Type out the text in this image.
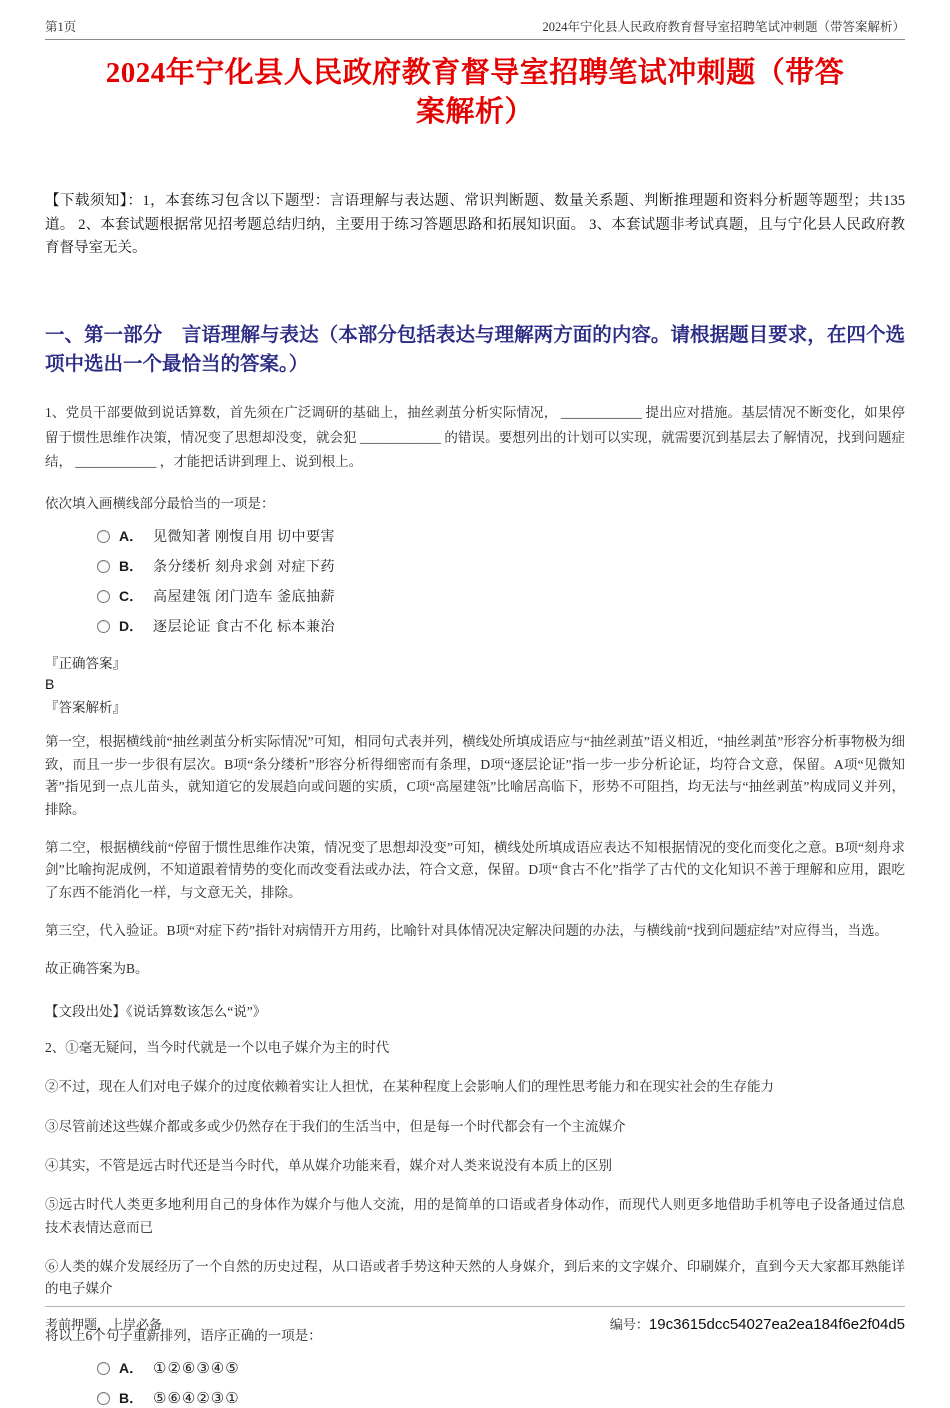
第1页	2024年宁化县人民政府教育督导室招聘笔试冲刺题（带答案解析）
2024年宁化县人民政府教育督导室招聘笔试冲刺题（带答案解析）
【下载须知】：1，本套练习包含以下题型：言语理解与表达题、常识判断题、数量关系题、判断推理题和资料分析题等题型；共135道。 2、本套试题根据常见招考题总结归纳，主要用于练习答题思路和拓展知识面。 3、本套试题非考试真题，且与宁化县人民政府教育督导室无关。
一、第一部分　言语理解与表达（本部分包括表达与理解两方面的内容。请根据题目要求，在四个选项中选出一个最恰当的答案。）
1、党员干部要做到说话算数，首先须在广泛调研的基础上，抽丝剥茧分析实际情况， ____________ 提出应对措施。基层情况不断变化，如果停留于惯性思维作决策，情况变了思想却没变，就会犯 ____________ 的错误。要想列出的计划可以实现，就需要沉到基层去了解情况，找到问题症结， ____________ ，才能把话讲到理上、说到根上。
依次填入画横线部分最恰当的一项是：
A． 见微知著 刚愎自用 切中要害
B． 条分缕析 刻舟求剑 对症下药
C． 高屋建瓴 闭门造车 釜底抽薪
D． 逐层论证 食古不化 标本兼治
『正确答案』
B
『答案解析』
第一空，根据横线前“抽丝剥茧分析实际情况”可知，相同句式表并列，横线处所填成语应与“抽丝剥茧”语义相近，“抽丝剥茧”形容分析事物极为细致，而且一步一步很有层次。B项“条分缕析”形容分析得细密而有条理，D项“逐层论证”指一步一步分析论证，均符合文意，保留。A项“见微知著”指见到一点儿苗头，就知道它的发展趋向或问题的实质，C项“高屋建瓴”比喻居高临下，形势不可阻挡，均无法与“抽丝剥茧”构成同义并列，排除。
第二空，根据横线前“停留于惯性思维作决策，情况变了思想却没变”可知，横线处所填成语应表达不知根据情况的变化而变化之意。B项“刻舟求剑”比喻拘泥成例，不知道跟着情势的变化而改变看法或办法，符合文意，保留。D项“食古不化”指学了古代的文化知识不善于理解和应用，跟吃了东西不能消化一样，与文意无关，排除。
第三空，代入验证。B项“对症下药”指针对病情开方用药，比喻针对具体情况决定解决问题的办法，与横线前“找到问题症结”对应得当，当选。
故正确答案为B。
【文段出处】《说话算数该怎么“说”》
2、①毫无疑问，当今时代就是一个以电子媒介为主的时代
②不过，现在人们对电子媒介的过度依赖着实让人担忧，在某种程度上会影响人们的理性思考能力和在现实社会的生存能力
③尽管前述这些媒介都或多或少仍然存在于我们的生活当中，但是每一个时代都会有一个主流媒介
④其实，不管是远古时代还是当今时代，单从媒介功能来看，媒介对人类来说没有本质上的区别
⑤远古时代人类更多地利用自己的身体作为媒介与他人交流，用的是简单的口语或者身体动作，而现代人则更多地借助手机等电子设备通过信息技术表情达意而已
⑥人类的媒介发展经历了一个自然的历史过程，从口语或者手势这种天然的人身媒介，到后来的文字媒介、印刷媒介，直到今天大家都耳熟能详的电子媒介
将以上6个句子重新排列，语序正确的一项是：
A． ①②⑥③④⑤
B． ⑤⑥④②③①
考前押题，上岸必备	编号：19c3615dcc54027ea2ea184f6e2f04d5
